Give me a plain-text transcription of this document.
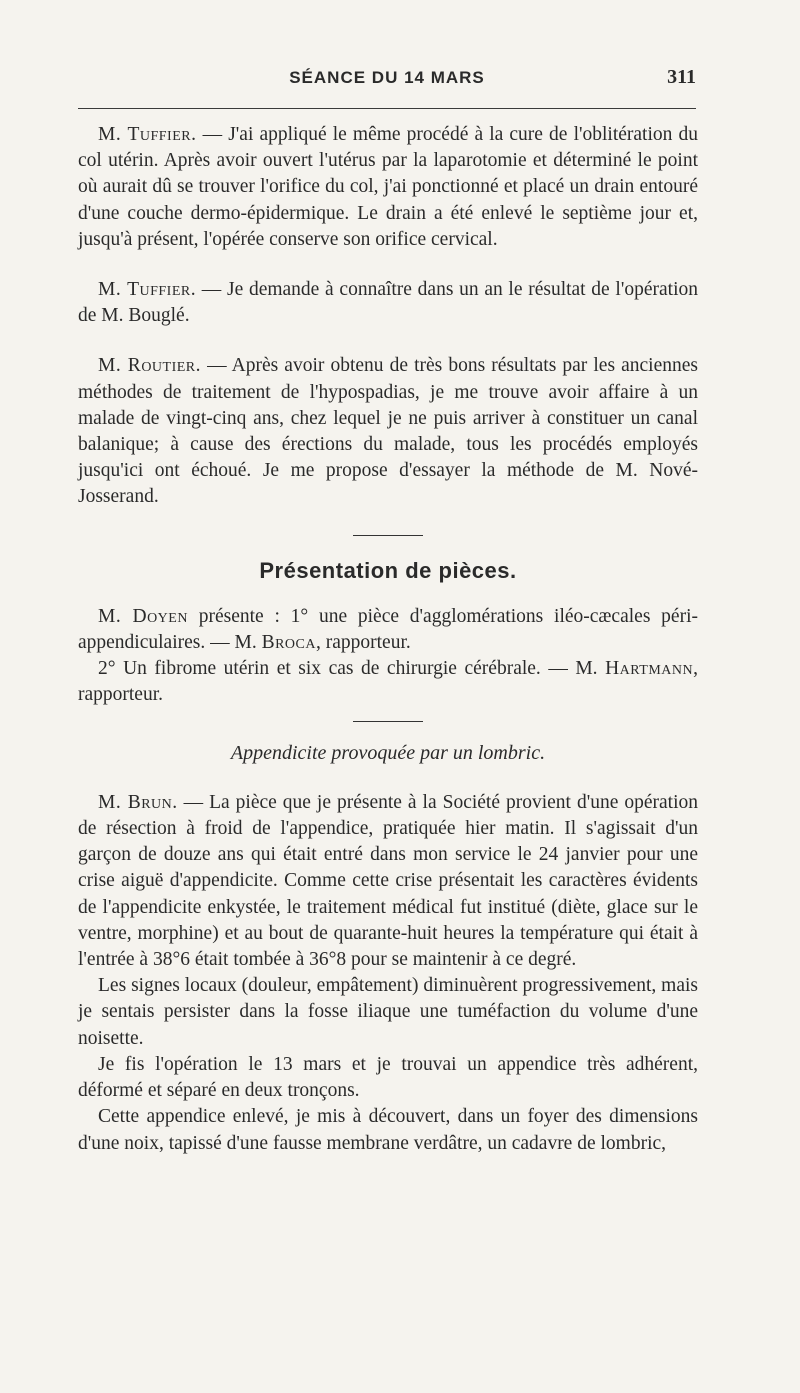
SÉANCE DU 14 MARS	311

M. Tuffier. — J'ai appliqué le même procédé à la cure de l'oblitération du col utérin. Après avoir ouvert l'utérus par la laparotomie et déterminé le point où aurait dû se trouver l'orifice du col, j'ai ponctionné et placé un drain entouré d'une couche dermo-épidermique. Le drain a été enlevé le septième jour et, jusqu'à présent, l'opérée conserve son orifice cervical.

M. Tuffier. — Je demande à connaître dans un an le résultat de l'opération de M. Bouglé.

M. Routier. — Après avoir obtenu de très bons résultats par les anciennes méthodes de traitement de l'hypospadias, je me trouve avoir affaire à un malade de vingt-cinq ans, chez lequel je ne puis arriver à constituer un canal balanique; à cause des érections du malade, tous les procédés employés jusqu'ici ont échoué. Je me propose d'essayer la méthode de M. Nové-Josserand.

Présentation de pièces.

M. Doyen présente : 1° une pièce d'agglomérations iléo-cæcales péri-appendiculaires. — M. Broca, rapporteur.

2° Un fibrome utérin et six cas de chirurgie cérébrale. — M. Hartmann, rapporteur.

Appendicite provoquée par un lombric.

M. Brun. — La pièce que je présente à la Société provient d'une opération de résection à froid de l'appendice, pratiquée hier matin. Il s'agissait d'un garçon de douze ans qui était entré dans mon service le 24 janvier pour une crise aiguë d'appendicite. Comme cette crise présentait les caractères évidents de l'appendicite enkystée, le traitement médical fut institué (diète, glace sur le ventre, morphine) et au bout de quarante-huit heures la température qui était à l'entrée à 38°6 était tombée à 36°8 pour se maintenir à ce degré.

Les signes locaux (douleur, empâtement) diminuèrent progressivement, mais je sentais persister dans la fosse iliaque une tuméfaction du volume d'une noisette.

Je fis l'opération le 13 mars et je trouvai un appendice très adhérent, déformé et séparé en deux tronçons.

Cette appendice enlevé, je mis à découvert, dans un foyer des dimensions d'une noix, tapissé d'une fausse membrane verdâtre, un cadavre de lombric,
